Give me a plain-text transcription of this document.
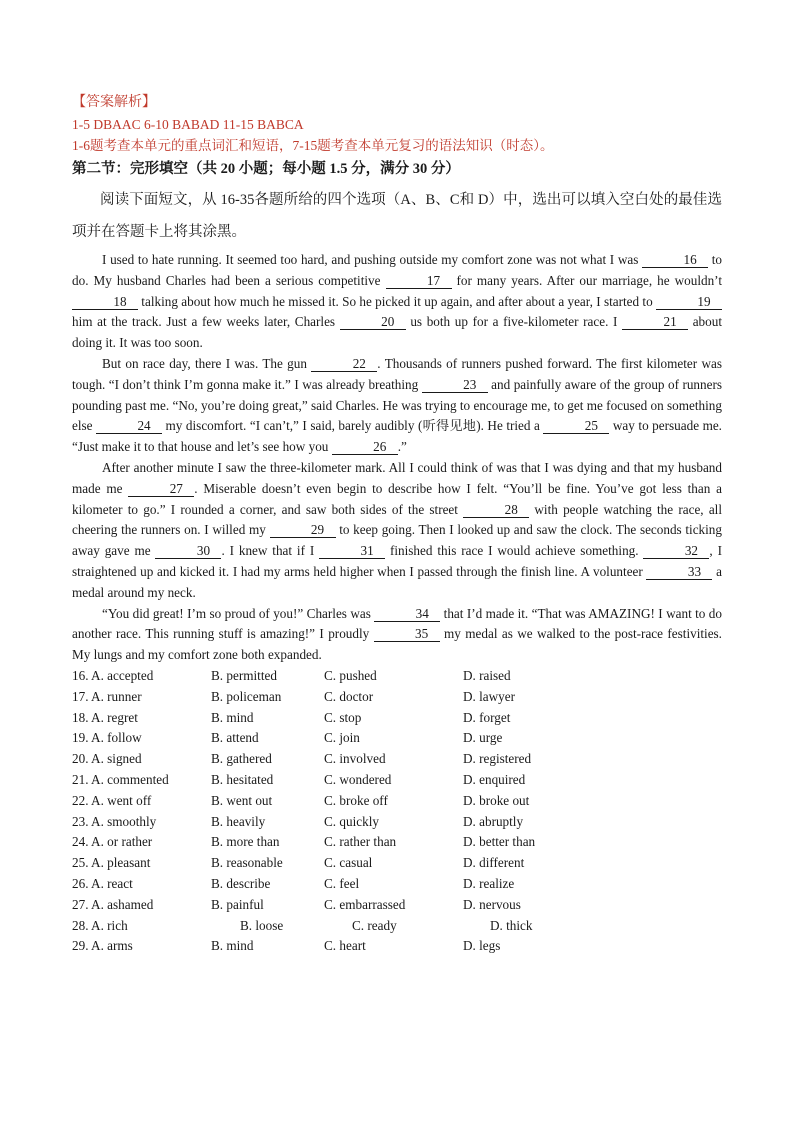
【答案解析】
1-5 DBAAC 6-10 BABAD 11-15 BABCA
1-6题考查本单元的重点词汇和短语，7-15题考查本单元复习的语法知识（时态）。
第二节：完形填空（共 20 小题；每小题 1.5 分，满分 30 分）
阅读下面短文，从 16-35各题所给的四个选项（A、B、C和 D）中，选出可以填入空白处的最佳选项并在答题卡上将其涂黑。
I used to hate running. It seemed too hard, and pushing outside my comfort zone was not what I was	16 to do. My husband Charles had been a serious competitive	17 for many years. After our marriage, he wouldn’t 18 talking about how much he missed it. So he picked it up again, and after about a year, I started to	19 him at the track. Just a few weeks later, Charles	20 us both up for a five-kilometer race. I	21 about doing it. It was too soon.
But on race day, there I was. The gun	22 . Thousands of runners pushed forward. The first kilometer was tough. “I don’t think I’m gonna make it.” I was already breathing	23 and painfully aware of the group of runners pounding past me. “No, you’re doing great,” said Charles. He was trying to encourage me, to get me focused on something else	24 my discomfort. “I can’t,” I said, barely audibly (听得见地). He tried a	25 way to persuade me. “Just make it to that house and let’s see how you	26 .”
After another minute I saw the three-kilometer mark. All I could think of was that I was dying and that my husband made me	27 . Miserable doesn’t even begin to describe how I felt. “You’ll be fine. You’ve got less than a kilometer to go.” I rounded a corner, and saw both sides of the street	28 with people watching the race, all cheering the runners on. I willed my	29 to keep going. Then I looked up and saw the clock. The seconds ticking away gave me	30 . I knew that if I	31 finished this race I would achieve something.	32 , I straightened up and kicked it. I had my arms held higher when I passed through the finish line. A volunteer	33 a medal around my neck.
“You did great! I’m so proud of you!” Charles was	34 that I’d made it. “That was AMAZING! I want to do another race. This running stuff is amazing!” I proudly	35 my medal as we walked to the post-race festivities. My lungs and my comfort zone both expanded.
16. A. accepted	B. permitted	C. pushed	D. raised
17. A. runner	B. policeman	C. doctor	D. lawyer
18. A. regret	B. mind	C. stop	D. forget
19. A. follow	B. attend	C. join	D. urge
20. A. signed	B. gathered	C. involved	D. registered
21. A. commented	B. hesitated	C. wondered	D. enquired
22. A. went off	B. went out	C. broke off	D. broke out
23. A. smoothly	B. heavily	C. quickly	D. abruptly
24. A. or rather	B. more than	C. rather than	D. better than
25. A. pleasant	B. reasonable	C. casual	D. different
26. A. react	B. describe	C. feel	D. realize
27. A. ashamed	B. painful	C. embarrassed	D. nervous
28. A. rich	B. loose	C. ready	D. thick
29. A. arms	B. mind	C. heart	D. legs
